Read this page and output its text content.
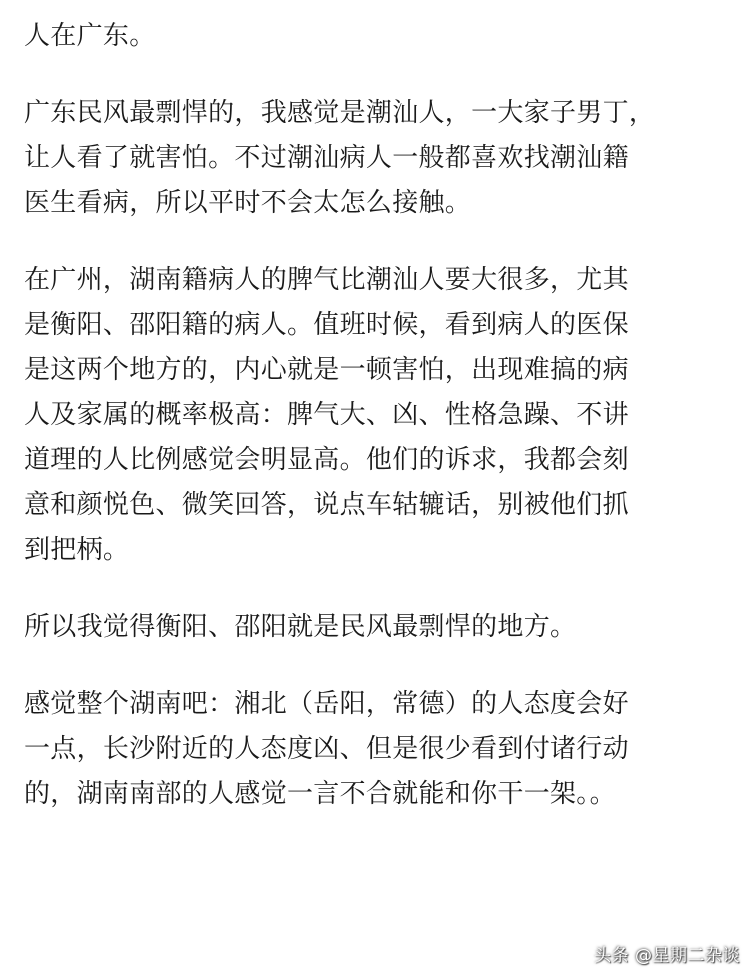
人在广东。

广东民风最剽悍的，我感觉是潮汕人，一大家子男丁，
让人看了就害怕。不过潮汕病人一般都喜欢找潮汕籍
医生看病，所以平时不会太怎么接触。

在广州，湖南籍病人的脾气比潮汕人要大很多，尤其
是衡阳、邵阳籍的病人。值班时候，看到病人的医保
是这两个地方的，内心就是一顿害怕，出现难搞的病
人及家属的概率极高：脾气大、凶、性格急躁、不讲
道理的人比例感觉会明显高。他们的诉求，我都会刻
意和颜悦色、微笑回答，说点车轱辘话，别被他们抓
到把柄。

所以我觉得衡阳、邵阳就是民风最剽悍的地方。

感觉整个湖南吧：湘北（岳阳，常德）的人态度会好
一点，长沙附近的人态度凶、但是很少看到付诸行动
的，湖南南部的人感觉一言不合就能和你干一架。。

头条 @星期二杂谈
